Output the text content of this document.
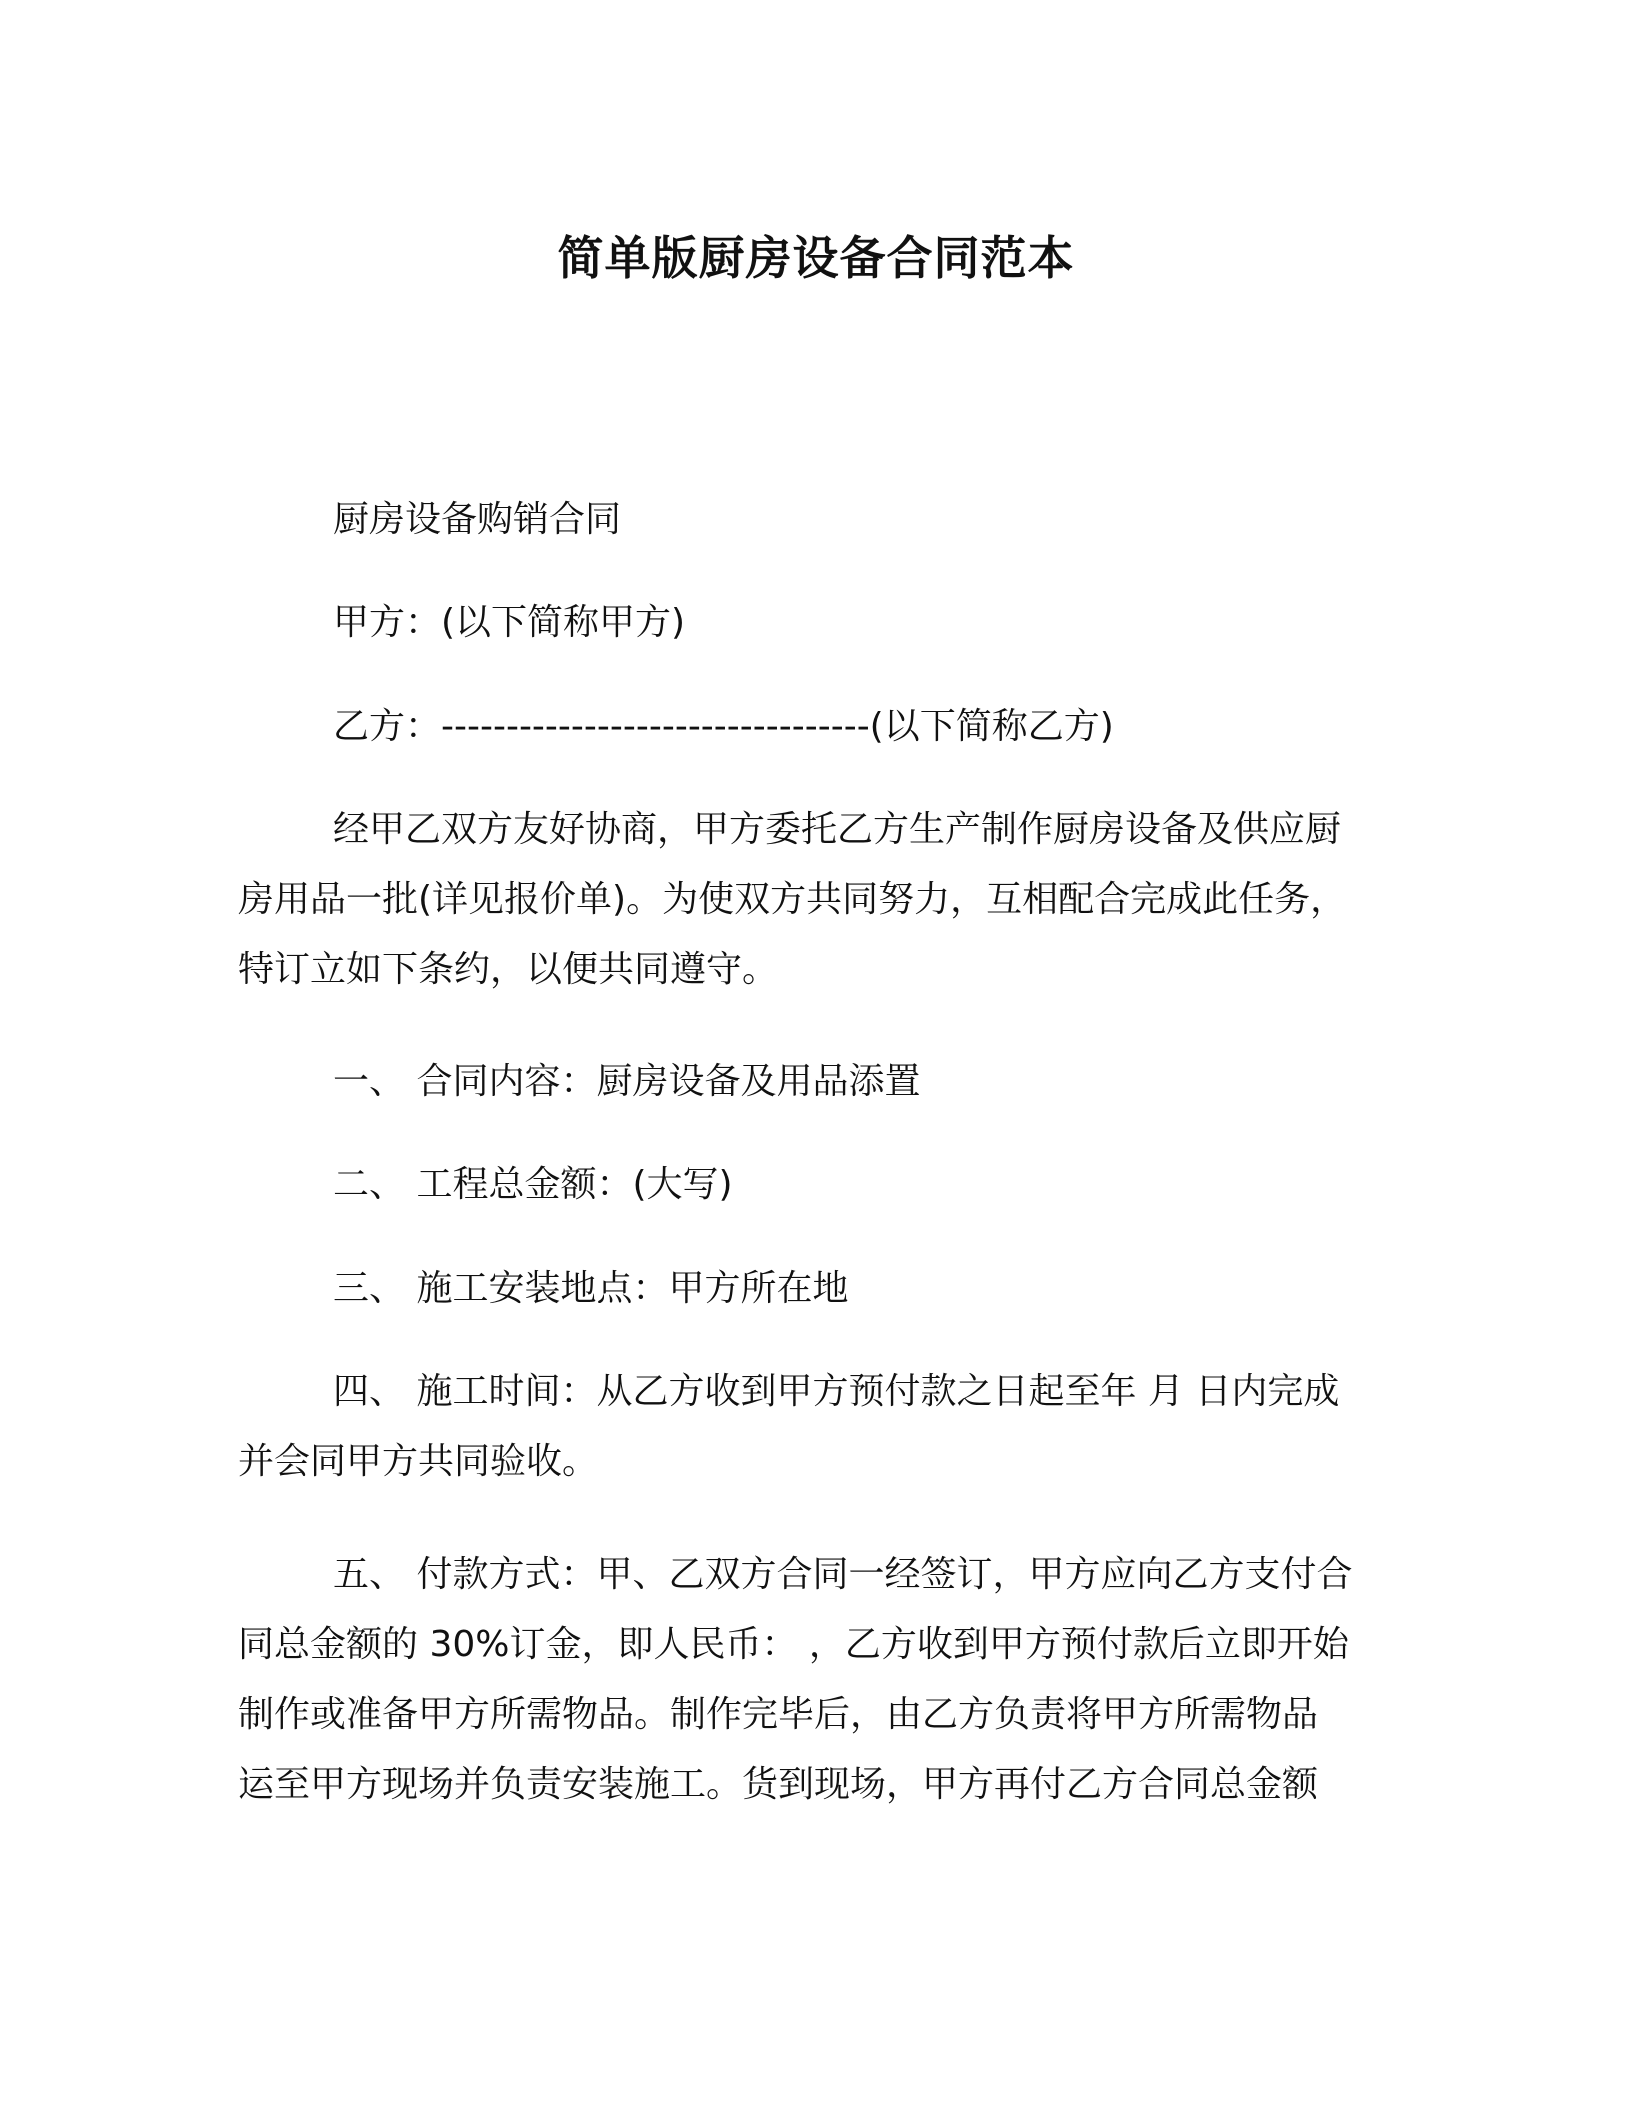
简单版厨房设备合同范本

厨房设备购销合同

甲方：(以下简称甲方)

乙方：---------------------------------(以下简称乙方)

经甲乙双方友好协商，甲方委托乙方生产制作厨房设备及供应厨
房用品一批(详见报价单)。为使双方共同努力，互相配合完成此任务，
特订立如下条约，以便共同遵守。

一、 合同内容：厨房设备及用品添置

二、 工程总金额：(大写)

三、 施工安装地点：甲方所在地

四、 施工时间：从乙方收到甲方预付款之日起至年 月 日内完成
并会同甲方共同验收。
五、 付款方式：甲、乙双方合同一经签订，甲方应向乙方支付合
同总金额的 30%订金，即人民币： ，乙方收到甲方预付款后立即开始
制作或准备甲方所需物品。制作完毕后，由乙方负责将甲方所需物品
运至甲方现场并负责安装施工。货到现场，甲方再付乙方合同总金额
